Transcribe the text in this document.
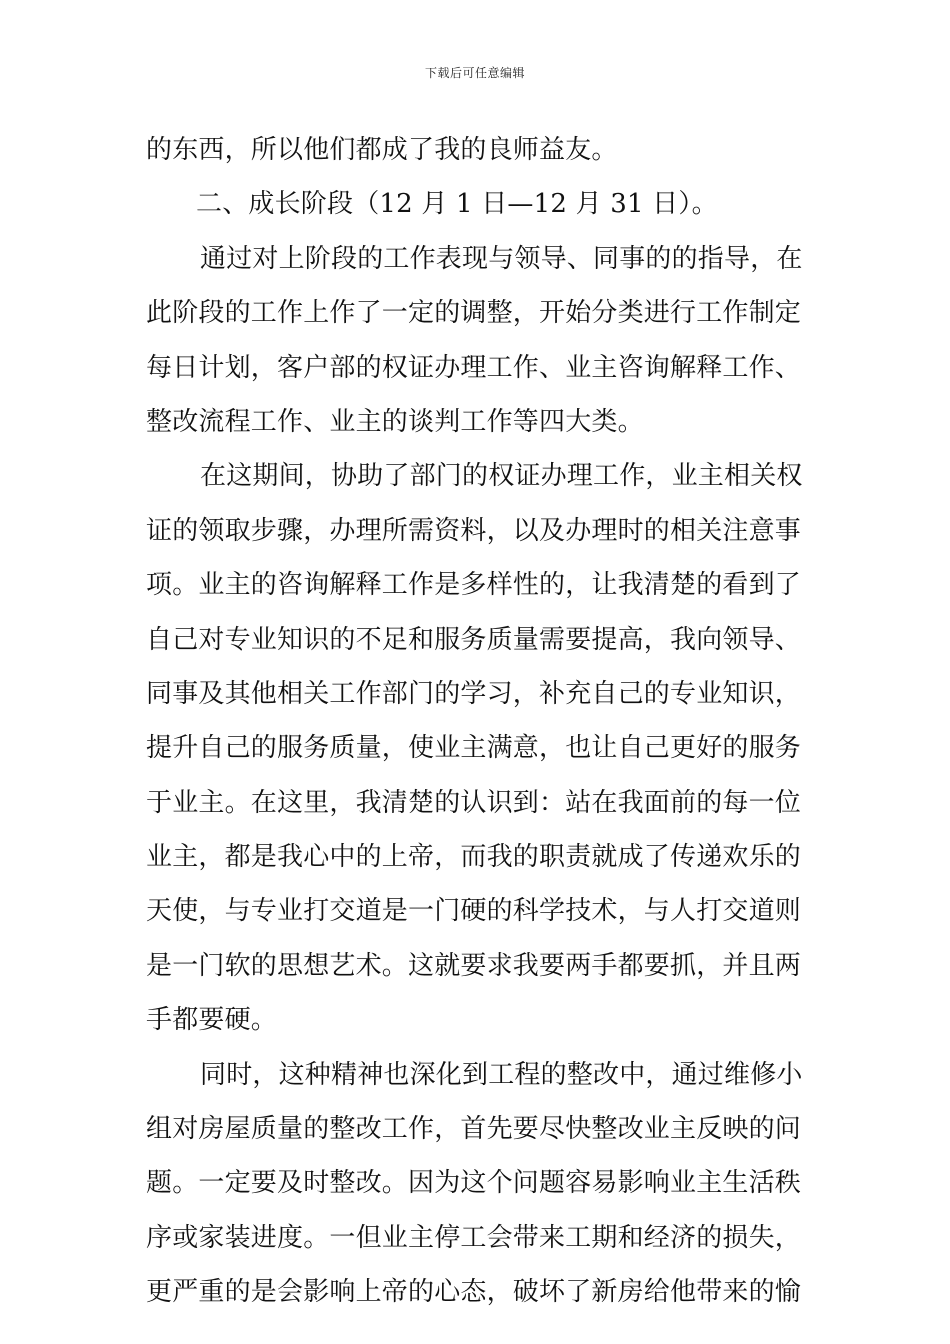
下载后可任意编辑
的东西，所以他们都成了我的良师益友。
二、成长阶段（12 月 1 日—12 月 31 日）。
通过对上阶段的工作表现与领导、同事的的指导，在
此阶段的工作上作了一定的调整，开始分类进行工作制定
每日计划，客户部的权证办理工作、业主咨询解释工作、
整改流程工作、业主的谈判工作等四大类。
在这期间，协助了部门的权证办理工作，业主相关权
证的领取步骤，办理所需资料，以及办理时的相关注意事
项。业主的咨询解释工作是多样性的，让我清楚的看到了
自己对专业知识的不足和服务质量需要提高，我向领导、
同事及其他相关工作部门的学习，补充自己的专业知识，
提升自己的服务质量，使业主满意，也让自己更好的服务
于业主。在这里，我清楚的认识到：站在我面前的每一位
业主，都是我心中的上帝，而我的职责就成了传递欢乐的
天使，与专业打交道是一门硬的科学技术，与人打交道则
是一门软的思想艺术。这就要求我要两手都要抓，并且两
手都要硬。
同时，这种精神也深化到工程的整改中，通过维修小
组对房屋质量的整改工作，首先要尽快整改业主反映的问
题。一定要及时整改。因为这个问题容易影响业主生活秩
序或家装进度。一但业主停工会带来工期和经济的损失，
更严重的是会影响上帝的心态，破坏了新房给他带来的愉
